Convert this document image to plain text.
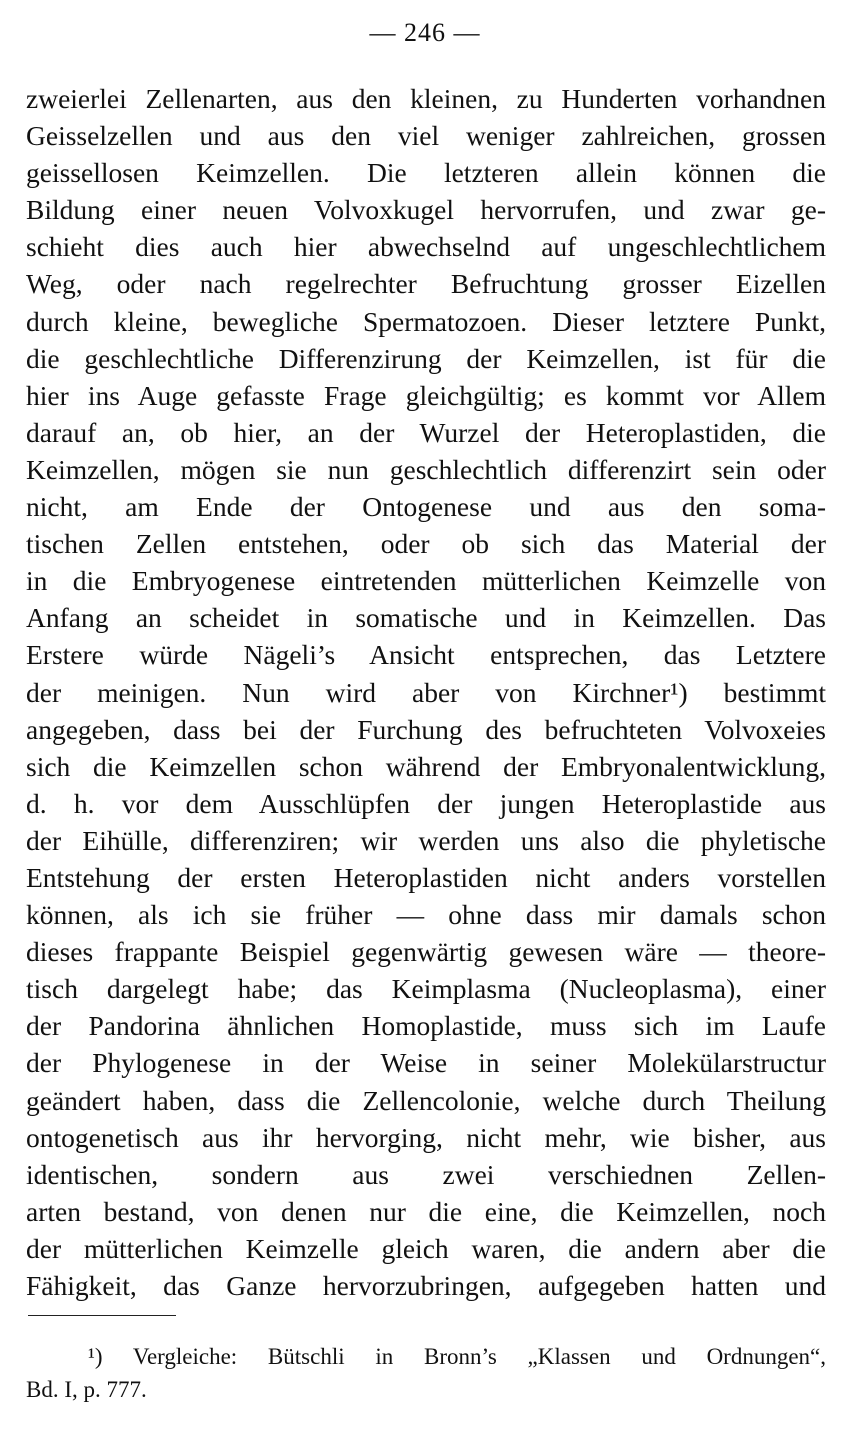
— 246 —
zweierlei Zellenarten, aus den kleinen, zu Hunderten vorhandnen
Geisselzellen und aus den viel weniger zahlreichen, grossen
geissellosen Keimzellen. Die letzteren allein können die
Bildung einer neuen Volvoxkugel hervorrufen, und zwar ge-
schieht dies auch hier abwechselnd auf ungeschlechtlichem
Weg, oder nach regelrechter Befruchtung grosser Eizellen
durch kleine, bewegliche Spermatozoen. Dieser letztere Punkt,
die geschlechtliche Differenzirung der Keimzellen, ist für die
hier ins Auge gefasste Frage gleichgültig; es kommt vor Allem
darauf an, ob hier, an der Wurzel der Heteroplastiden, die
Keimzellen, mögen sie nun geschlechtlich differenzirt sein oder
nicht, am Ende der Ontogenese und aus den soma-
tischen Zellen entstehen, oder ob sich das Material der
in die Embryogenese eintretenden mütterlichen Keimzelle von
Anfang an scheidet in somatische und in Keimzellen. Das
Erstere würde Nägeli’s Ansicht entsprechen, das Letztere
der meinigen. Nun wird aber von Kirchner¹) bestimmt
angegeben, dass bei der Furchung des befruchteten Volvoxeies
sich die Keimzellen schon während der Embryonalentwicklung,
d. h. vor dem Ausschlüpfen der jungen Heteroplastide aus
der Eihülle, differenziren; wir werden uns also die phyletische
Entstehung der ersten Heteroplastiden nicht anders vorstellen
können, als ich sie früher — ohne dass mir damals schon
dieses frappante Beispiel gegenwärtig gewesen wäre — theore-
tisch dargelegt habe; das Keimplasma (Nucleoplasma), einer
der Pandorina ähnlichen Homoplastide, muss sich im Laufe
der Phylogenese in der Weise in seiner Molekülarstructur
geändert haben, dass die Zellencolonie, welche durch Theilung
ontogenetisch aus ihr hervorging, nicht mehr, wie bisher, aus
identischen, sondern aus zwei verschiednen Zellen-
arten bestand, von denen nur die eine, die Keimzellen, noch
der mütterlichen Keimzelle gleich waren, die andern aber die
Fähigkeit, das Ganze hervorzubringen, aufgegeben hatten und
¹) Vergleiche: Bütschli in Bronn’s „Klassen und Ordnungen“,
Bd. I, p. 777.
